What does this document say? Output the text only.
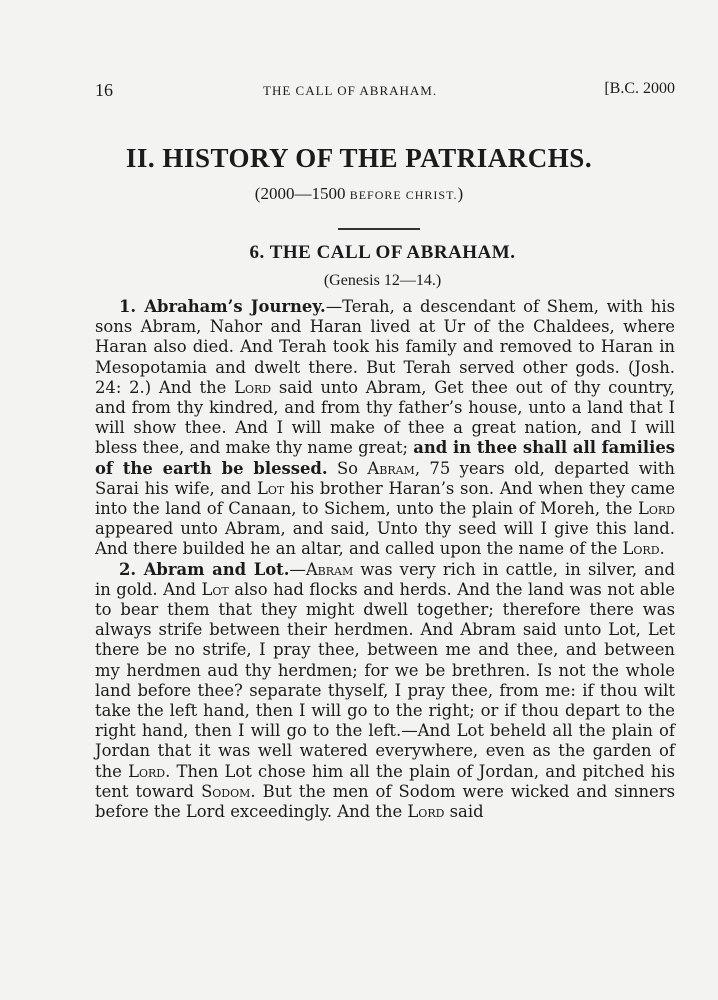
16	THE CALL OF ABRAHAM.	[B.C. 2000
II. HISTORY OF THE PATRIARCHS.
(2000—1500 BEFORE CHRIST.)
6. THE CALL OF ABRAHAM.
(Genesis 12—14.)

1. Abraham’s Journey.—Terah, a descendant of Shem, with his sons Abram, Nahor and Haran lived at Ur of the Chaldees, where Haran also died. And Terah took his family and removed to Haran in Mesopotamia and dwelt there. But Terah served other gods. (Josh. 24: 2.) And the Lord said unto Abram, Get thee out of thy country, and from thy kindred, and from thy father’s house, unto a land that I will show thee. And I will make of thee a great nation, and I will bless thee, and make thy name great; and in thee shall all families of the earth be blessed. So Abram, 75 years old, departed with Sarai his wife, and Lot his brother Haran’s son. And when they came into the land of Canaan, to Sichem, unto the plain of Moreh, the Lord appeared unto Abram, and said, Unto thy seed will I give this land. And there builded he an altar, and called upon the name of the Lord.

2. Abram and Lot.—Abram was very rich in cattle, in silver, and in gold. And Lot also had flocks and herds. And the land was not able to bear them that they might dwell together; therefore there was always strife between their herdmen. And Abram said unto Lot, Let there be no strife, I pray thee, between me and thee, and between my herdmen aud thy herdmen; for we be brethren. Is not the whole land before thee? separate thyself, I pray thee, from me: if thou wilt take the left hand, then I will go to the right; or if thou depart to the right hand, then I will go to the left.—And Lot beheld all the plain of Jordan that it was well watered everywhere, even as the garden of the Lord. Then Lot chose him all the plain of Jordan, and pitched his tent toward Sodom. But the men of Sodom were wicked and sinners before the Lord exceedingly. And the Lord said
